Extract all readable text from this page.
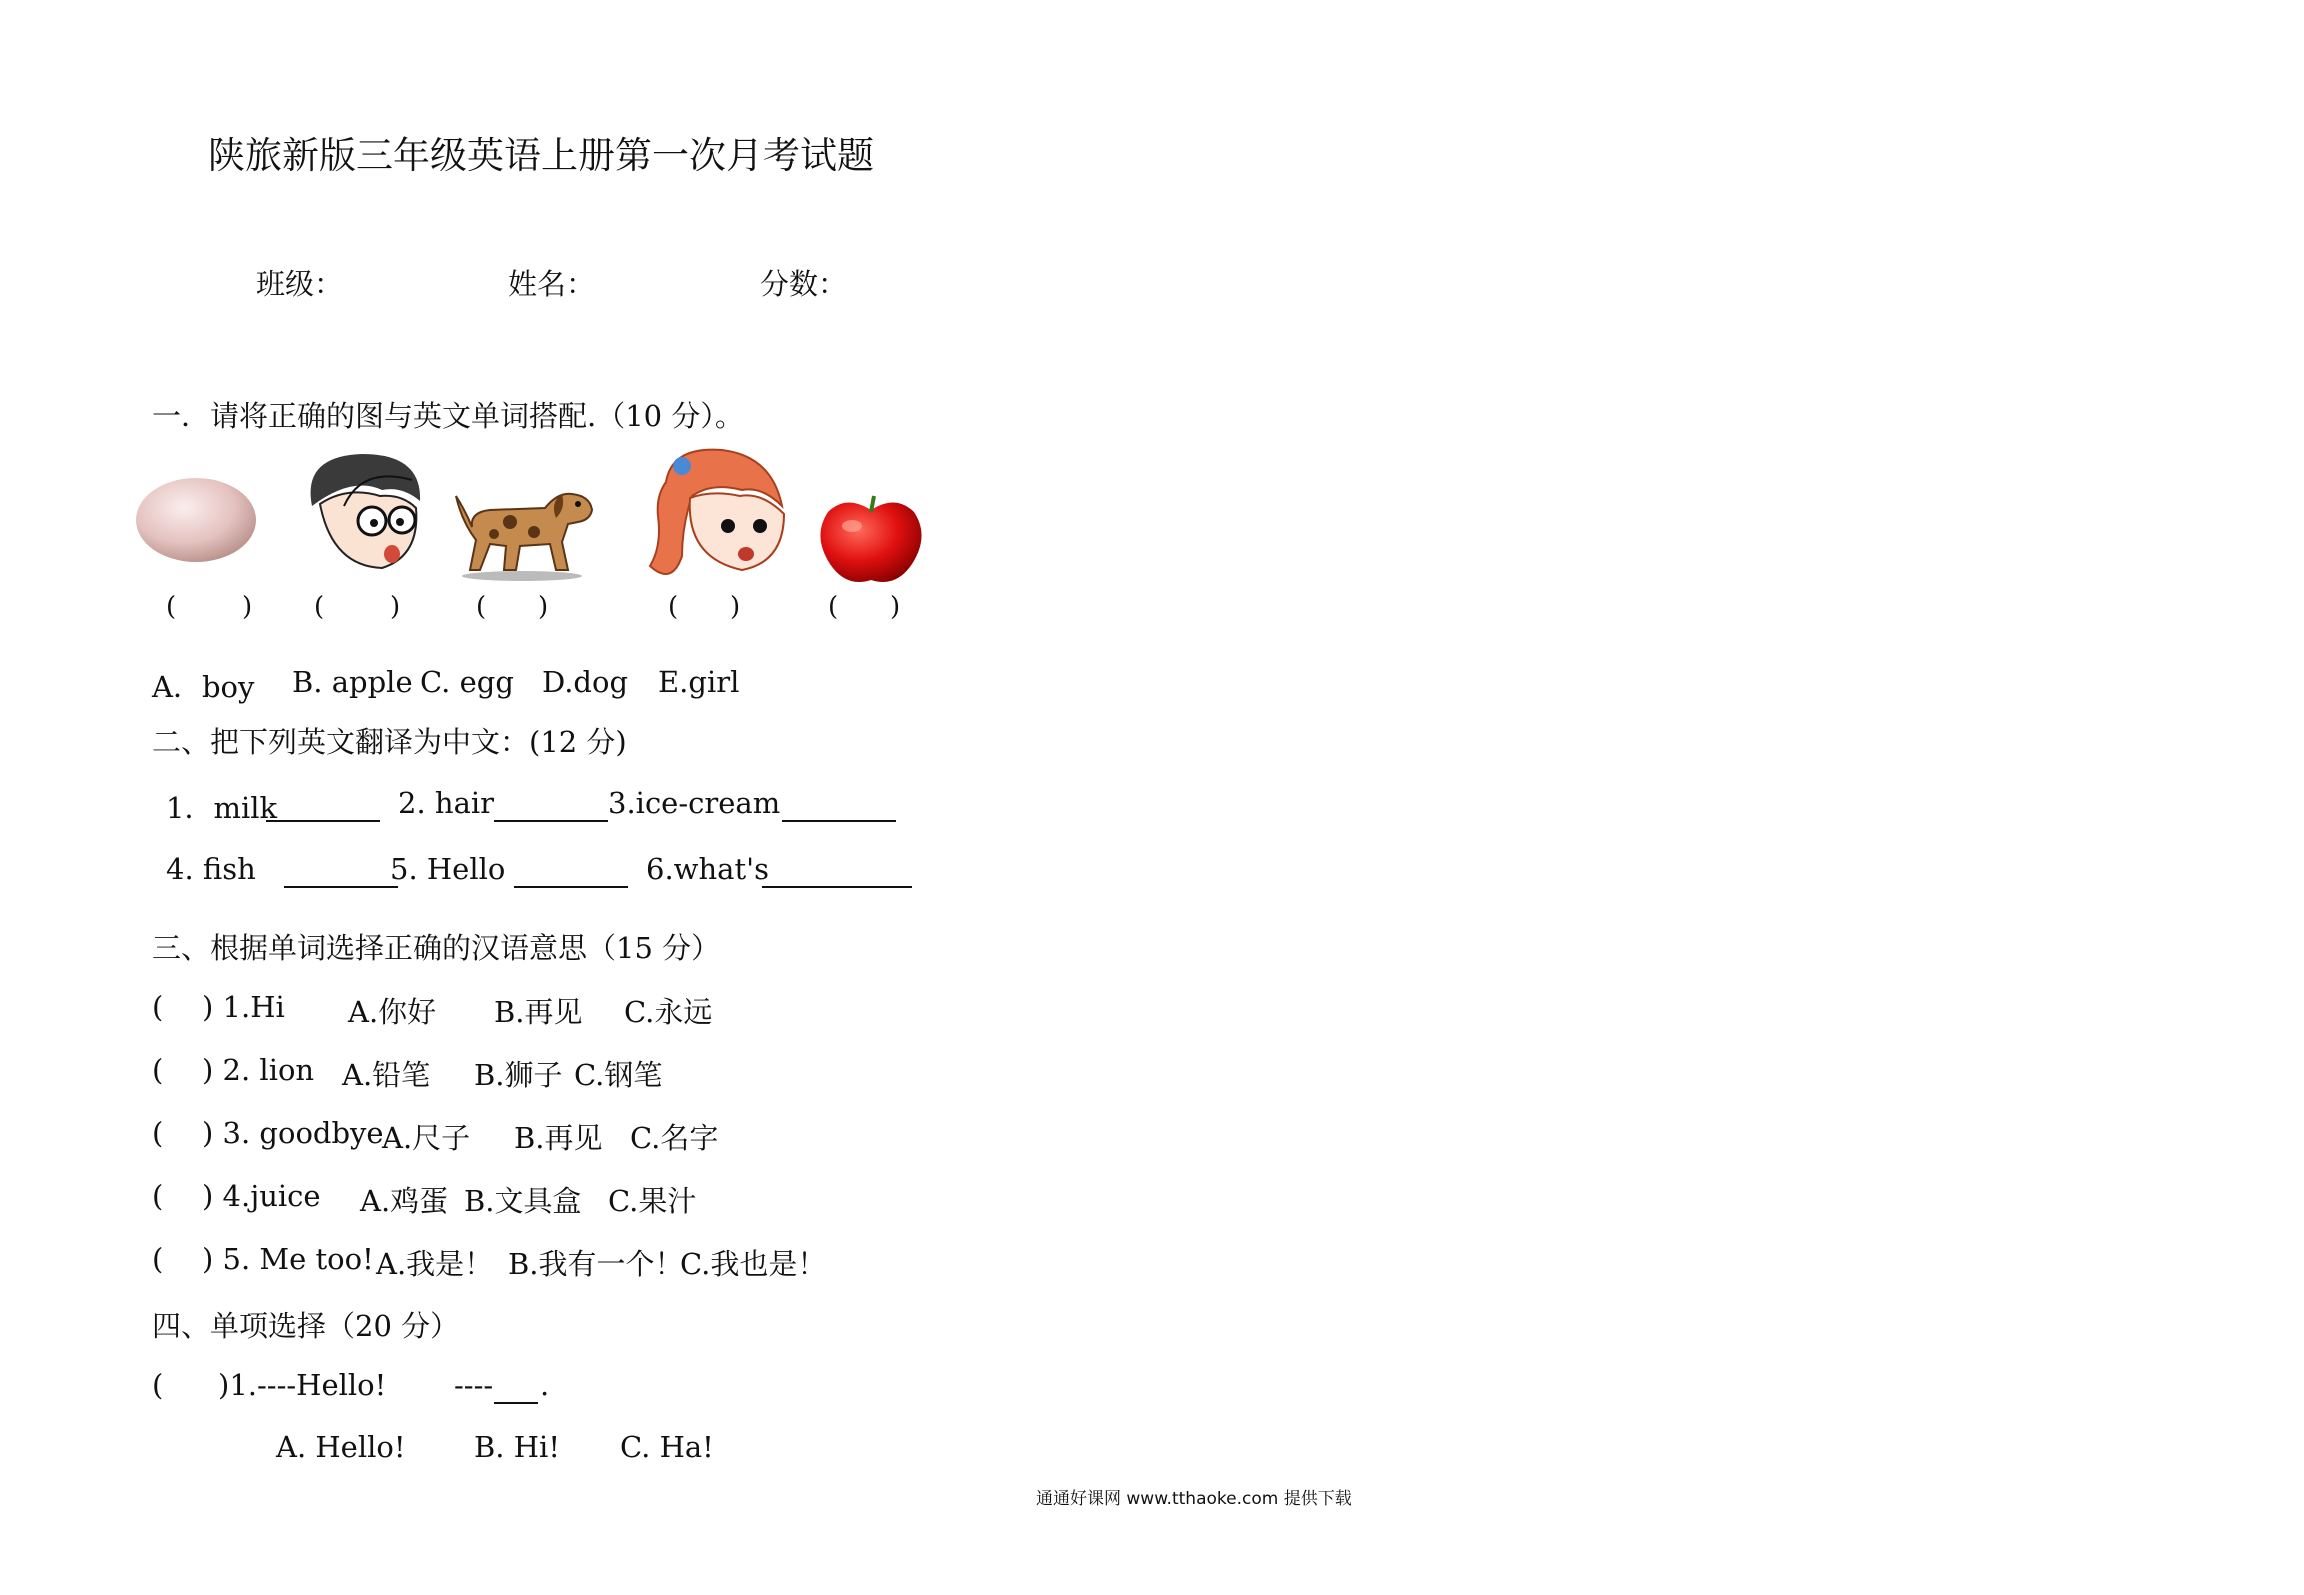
陕旅新版三年级英语上册第一次月考试题
班级：	姓名：	分数：
一．请将正确的图与英文单词搭配.（10 分）。
(	) (	)	( )	( )	( )
A．boy B. apple C. egg D.dog E.girl
二、把下列英文翻译为中文：(12 分)
1．milk	2. hair	3.ice-cream
4. fish	5. Hello	6.what's
三、根据单词选择正确的汉语意思（15 分）
( ) 1.Hi A.你好 B.再见 C.永远
( ) 2. lion A.铅笔 B.狮子 C.钢笔
( ) 3. goodbye
A.尺子 B.再见 C.名字
( ) 4.juice A.鸡蛋 B.文具盒 C.果汁
( ) 5. Me too! A.我是！ B.我有一个！
C.我也是！
四、单项选择（20 分）
( )1.----Hello! ---- .
A. Hello! B. Hi! C. Ha!
通通好课网 www.tthaoke.com 提供下载
